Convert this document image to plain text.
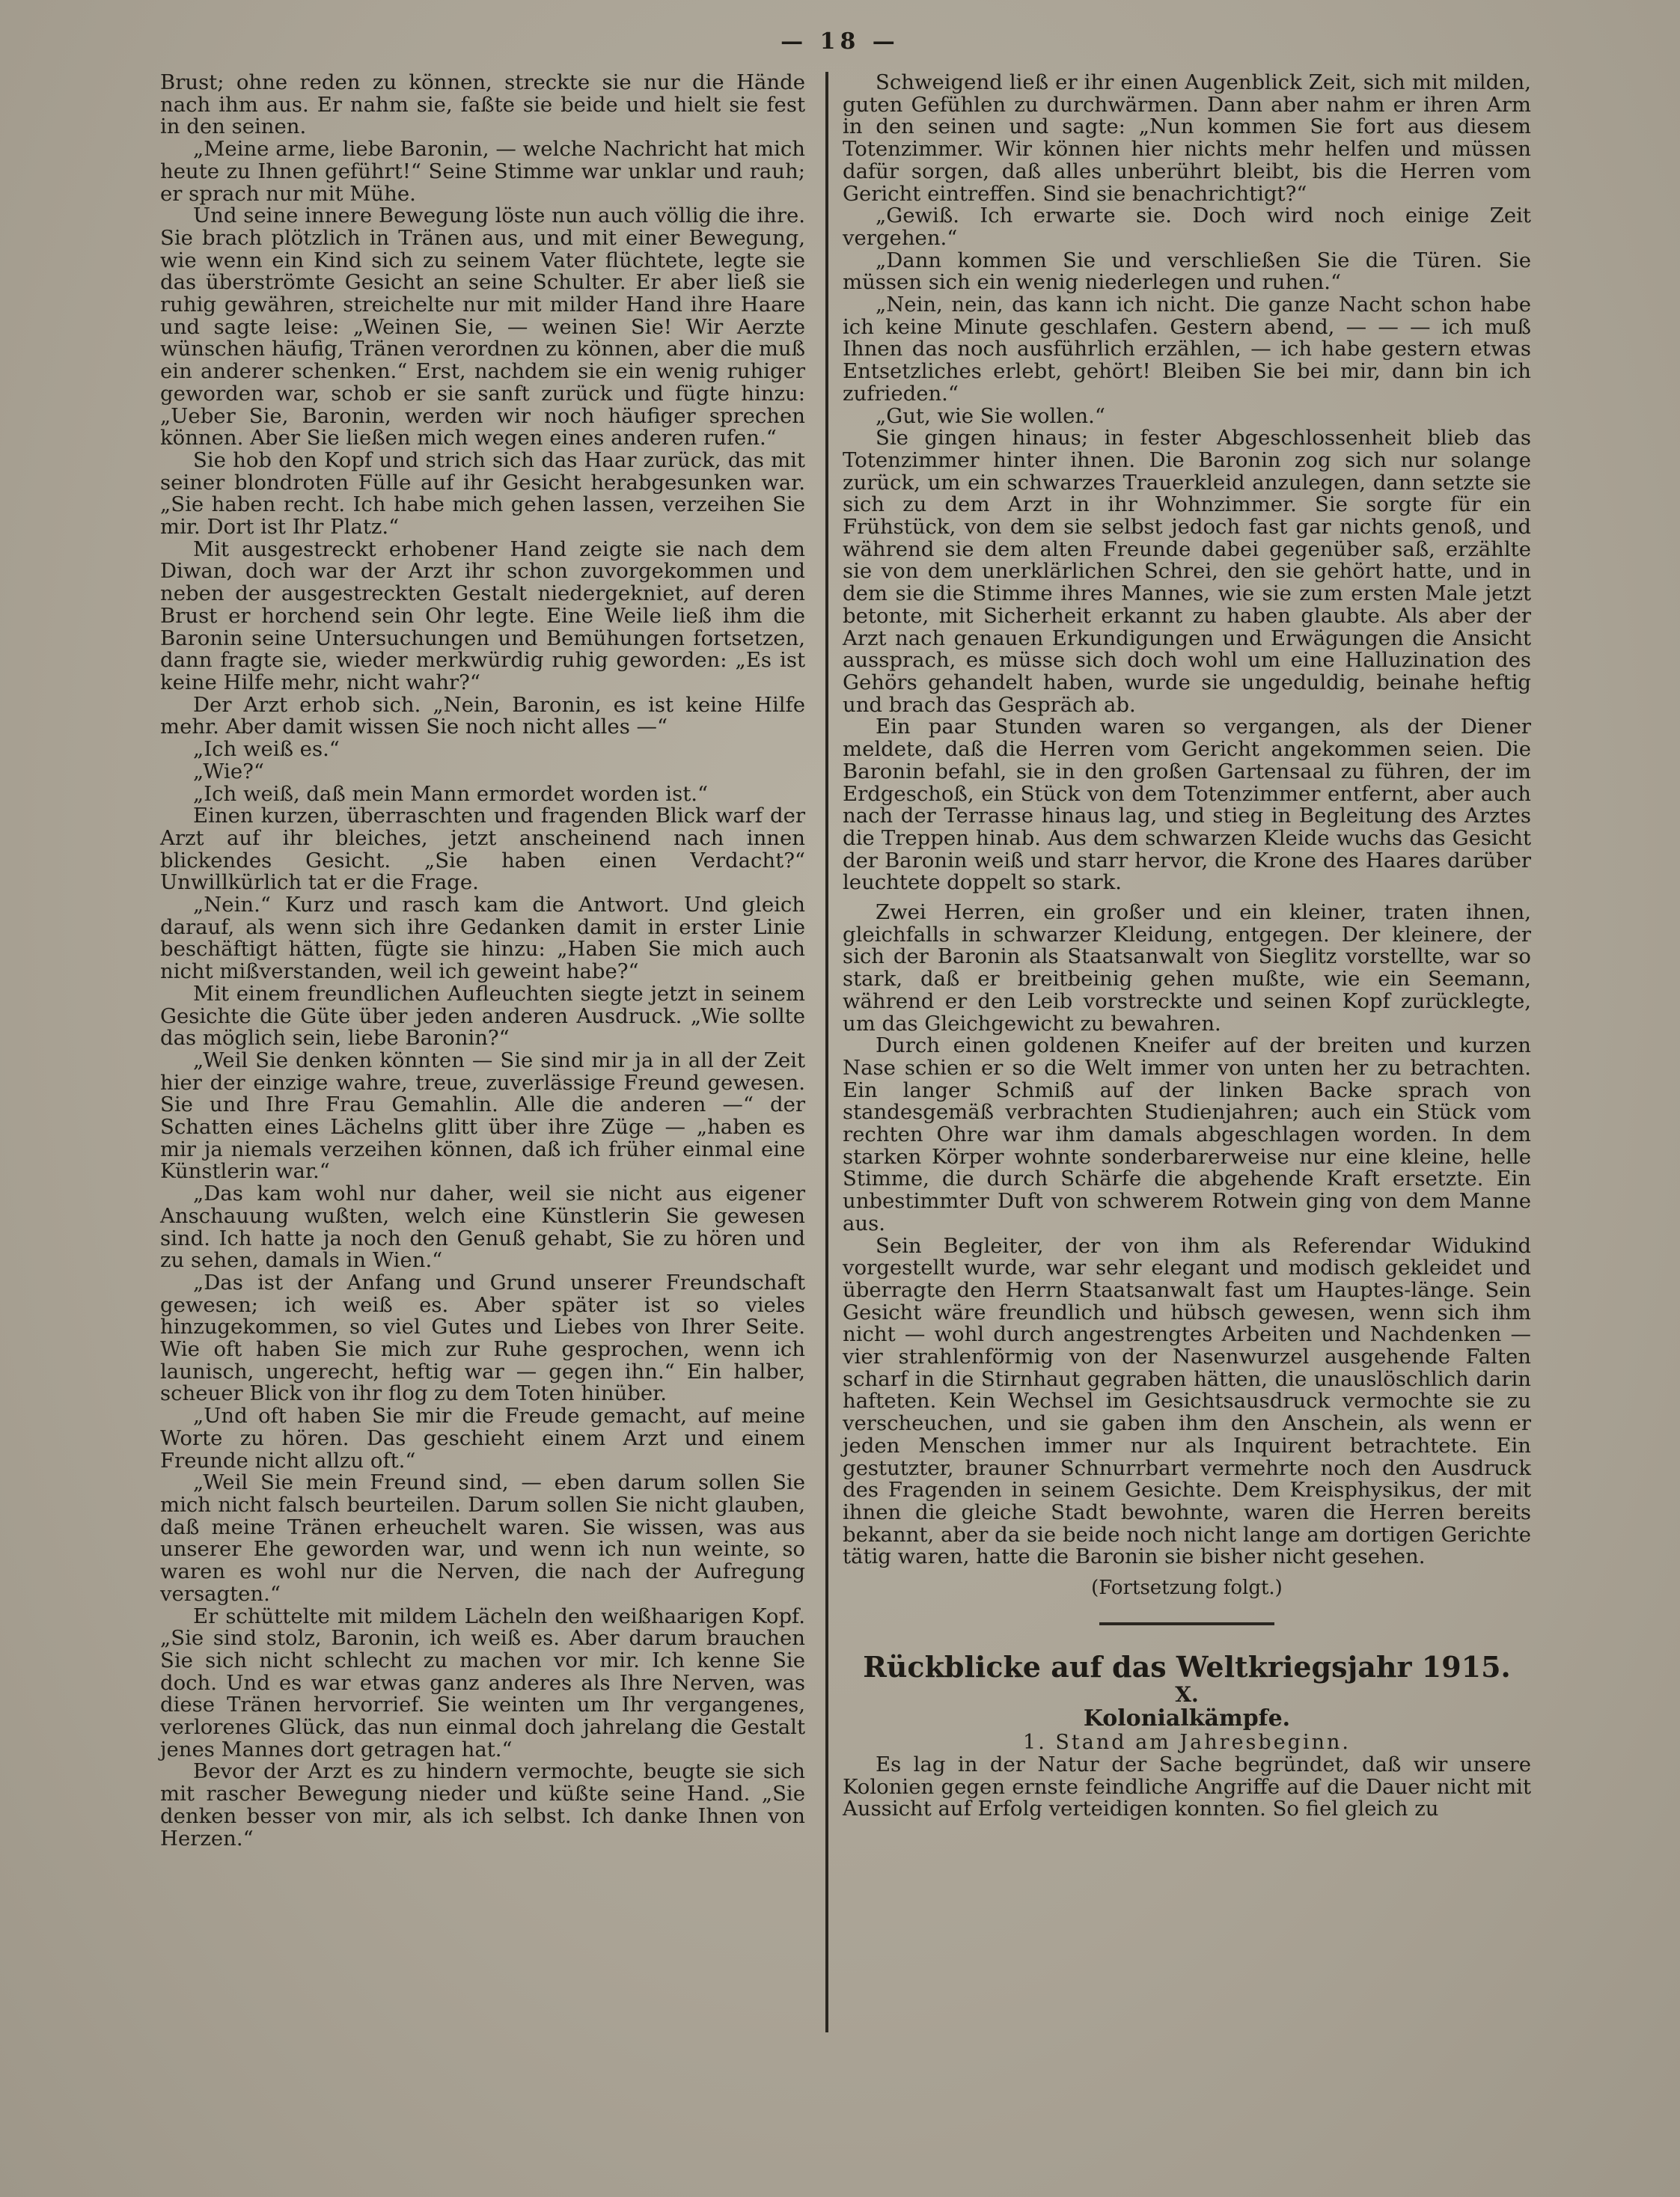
— 18 —

Brust; ohne reden zu können, streckte sie nur die Hände nach ihm aus. Er nahm sie, faßte sie beide und hielt sie fest in den seinen.

„Meine arme, liebe Baronin, — welche Nachricht hat mich heute zu Ihnen geführt!“ Seine Stimme war unklar und rauh; er sprach nur mit Mühe.

Und seine innere Bewegung löste nun auch völlig die ihre. Sie brach plötzlich in Tränen aus, und mit einer Bewegung, wie wenn ein Kind sich zu seinem Vater flüchtete, legte sie das überströmte Gesicht an seine Schulter. Er aber ließ sie ruhig gewähren, streichelte nur mit milder Hand ihre Haare und sagte leise: „Weinen Sie, — weinen Sie! Wir Aerzte wünschen häufig, Tränen verordnen zu können, aber die muß ein anderer schenken.“ Erst, nachdem sie ein wenig ruhiger geworden war, schob er sie sanft zurück und fügte hinzu: „Ueber Sie, Baronin, werden wir noch häufiger sprechen können. Aber Sie ließen mich wegen eines anderen rufen.“

Sie hob den Kopf und strich sich das Haar zurück, das mit seiner blondroten Fülle auf ihr Gesicht herabgesunken war. „Sie haben recht. Ich habe mich gehen lassen, verzeihen Sie mir. Dort ist Ihr Platz.“

Mit ausgestreckt erhobener Hand zeigte sie nach dem Diwan, doch war der Arzt ihr schon zuvorgekommen und neben der ausgestreckten Gestalt niedergekniet, auf deren Brust er horchend sein Ohr legte. Eine Weile ließ ihm die Baronin seine Untersuchungen und Bemühungen fortsetzen, dann fragte sie, wieder merkwürdig ruhig geworden: „Es ist keine Hilfe mehr, nicht wahr?“

Der Arzt erhob sich. „Nein, Baronin, es ist keine Hilfe mehr. Aber damit wissen Sie noch nicht alles —“

„Ich weiß es.“

„Wie?“

„Ich weiß, daß mein Mann ermordet worden ist.“

Einen kurzen, überraschten und fragenden Blick warf der Arzt auf ihr bleiches, jetzt anscheinend nach innen blickendes Gesicht. „Sie haben einen Verdacht?“ Unwillkürlich tat er die Frage.

„Nein.“ Kurz und rasch kam die Antwort. Und gleich darauf, als wenn sich ihre Gedanken damit in erster Linie beschäftigt hätten, fügte sie hinzu: „Haben Sie mich auch nicht mißverstanden, weil ich geweint habe?“

Mit einem freundlichen Aufleuchten siegte jetzt in seinem Gesichte die Güte über jeden anderen Ausdruck. „Wie sollte das möglich sein, liebe Baronin?“

„Weil Sie denken könnten — Sie sind mir ja in all der Zeit hier der einzige wahre, treue, zuverlässige Freund gewesen. Sie und Ihre Frau Gemahlin. Alle die anderen —“ der Schatten eines Lächelns glitt über ihre Züge — „haben es mir ja niemals verzeihen können, daß ich früher einmal eine Künstlerin war.“

„Das kam wohl nur daher, weil sie nicht aus eigener Anschauung wußten, welch eine Künstlerin Sie gewesen sind. Ich hatte ja noch den Genuß gehabt, Sie zu hören und zu sehen, damals in Wien.“

„Das ist der Anfang und Grund unserer Freundschaft gewesen; ich weiß es. Aber später ist so vieles hinzugekommen, so viel Gutes und Liebes von Ihrer Seite. Wie oft haben Sie mich zur Ruhe gesprochen, wenn ich launisch, ungerecht, heftig war — gegen ihn.“ Ein halber, scheuer Blick von ihr flog zu dem Toten hinüber.

„Und oft haben Sie mir die Freude gemacht, auf meine Worte zu hören. Das geschieht einem Arzt und einem Freunde nicht allzu oft.“

„Weil Sie mein Freund sind, — eben darum sollen Sie mich nicht falsch beurteilen. Darum sollen Sie nicht glauben, daß meine Tränen erheuchelt waren. Sie wissen, was aus unserer Ehe geworden war, und wenn ich nun weinte, so waren es wohl nur die Nerven, die nach der Aufregung versagten.“

Er schüttelte mit mildem Lächeln den weißhaarigen Kopf. „Sie sind stolz, Baronin, ich weiß es. Aber darum brauchen Sie sich nicht schlecht zu machen vor mir. Ich kenne Sie doch. Und es war etwas ganz anderes als Ihre Nerven, was diese Tränen hervorrief. Sie weinten um Ihr vergangenes, verlorenes Glück, das nun einmal doch jahrelang die Gestalt jenes Mannes dort getragen hat.“

Bevor der Arzt es zu hindern vermochte, beugte sie sich mit rascher Bewegung nieder und küßte seine Hand. „Sie denken besser von mir, als ich selbst. Ich danke Ihnen von Herzen.“

Schweigend ließ er ihr einen Augenblick Zeit, sich mit milden, guten Gefühlen zu durchwärmen. Dann aber nahm er ihren Arm in den seinen und sagte: „Nun kommen Sie fort aus diesem Totenzimmer. Wir können hier nichts mehr helfen und müssen dafür sorgen, daß alles unberührt bleibt, bis die Herren vom Gericht eintreffen. Sind sie benachrichtigt?“

„Gewiß. Ich erwarte sie. Doch wird noch einige Zeit vergehen.“

„Dann kommen Sie und verschließen Sie die Türen. Sie müssen sich ein wenig niederlegen und ruhen.“

„Nein, nein, das kann ich nicht. Die ganze Nacht schon habe ich keine Minute geschlafen. Gestern abend, — — — ich muß Ihnen das noch ausführlich erzählen, — ich habe gestern etwas Entsetzliches erlebt, gehört! Bleiben Sie bei mir, dann bin ich zufrieden.“

„Gut, wie Sie wollen.“

Sie gingen hinaus; in fester Abgeschlossenheit blieb das Totenzimmer hinter ihnen. Die Baronin zog sich nur solange zurück, um ein schwarzes Trauerkleid anzulegen, dann setzte sie sich zu dem Arzt in ihr Wohnzimmer. Sie sorgte für ein Frühstück, von dem sie selbst jedoch fast gar nichts genoß, und während sie dem alten Freunde dabei gegenüber saß, erzählte sie von dem unerklärlichen Schrei, den sie gehört hatte, und in dem sie die Stimme ihres Mannes, wie sie zum ersten Male jetzt betonte, mit Sicherheit erkannt zu haben glaubte. Als aber der Arzt nach genauen Erkundigungen und Erwägungen die Ansicht aussprach, es müsse sich doch wohl um eine Halluzination des Gehörs gehandelt haben, wurde sie ungeduldig, beinahe heftig und brach das Gespräch ab.

Ein paar Stunden waren so vergangen, als der Diener meldete, daß die Herren vom Gericht angekommen seien. Die Baronin befahl, sie in den großen Gartensaal zu führen, der im Erdgeschoß, ein Stück von dem Totenzimmer entfernt, aber auch nach der Terrasse hinaus lag, und stieg in Begleitung des Arztes die Treppen hinab. Aus dem schwarzen Kleide wuchs das Gesicht der Baronin weiß und starr hervor, die Krone des Haares darüber leuchtete doppelt so stark.

Zwei Herren, ein großer und ein kleiner, traten ihnen, gleichfalls in schwarzer Kleidung, entgegen. Der kleinere, der sich der Baronin als Staatsanwalt von Sieglitz vorstellte, war so stark, daß er breitbeinig gehen mußte, wie ein Seemann, während er den Leib vorstreckte und seinen Kopf zurücklegte, um das Gleichgewicht zu bewahren.

Durch einen goldenen Kneifer auf der breiten und kurzen Nase schien er so die Welt immer von unten her zu betrachten. Ein langer Schmiß auf der linken Backe sprach von standesgemäß verbrachten Studienjahren; auch ein Stück vom rechten Ohre war ihm damals abgeschlagen worden. In dem starken Körper wohnte sonderbarerweise nur eine kleine, helle Stimme, die durch Schärfe die abgehende Kraft ersetzte. Ein unbestimmter Duft von schwerem Rotwein ging von dem Manne aus.

Sein Begleiter, der von ihm als Referendar Widukind vorgestellt wurde, war sehr elegant und modisch gekleidet und überragte den Herrn Staatsanwalt fast um Hauptes-länge. Sein Gesicht wäre freundlich und hübsch gewesen, wenn sich ihm nicht — wohl durch angestrengtes Arbeiten und Nachdenken — vier strahlenförmig von der Nasenwurzel ausgehende Falten scharf in die Stirnhaut gegraben hätten, die unauslöschlich darin hafteten. Kein Wechsel im Gesichtsausdruck vermochte sie zu verscheuchen, und sie gaben ihm den Anschein, als wenn er jeden Menschen immer nur als Inquirent betrachtete. Ein gestutzter, brauner Schnurrbart vermehrte noch den Ausdruck des Fragenden in seinem Gesichte. Dem Kreisphysikus, der mit ihnen die gleiche Stadt bewohnte, waren die Herren bereits bekannt, aber da sie beide noch nicht lange am dortigen Gerichte tätig waren, hatte die Baronin sie bisher nicht gesehen.

(Fortsetzung folgt.)

Rückblicke auf das Weltkriegsjahr 1915.

X.

Kolonialkämpfe.

1. Stand am Jahresbeginn.

Es lag in der Natur der Sache begründet, daß wir unsere Kolonien gegen ernste feindliche Angriffe auf die Dauer nicht mit Aussicht auf Erfolg verteidigen konnten. So fiel gleich zu
